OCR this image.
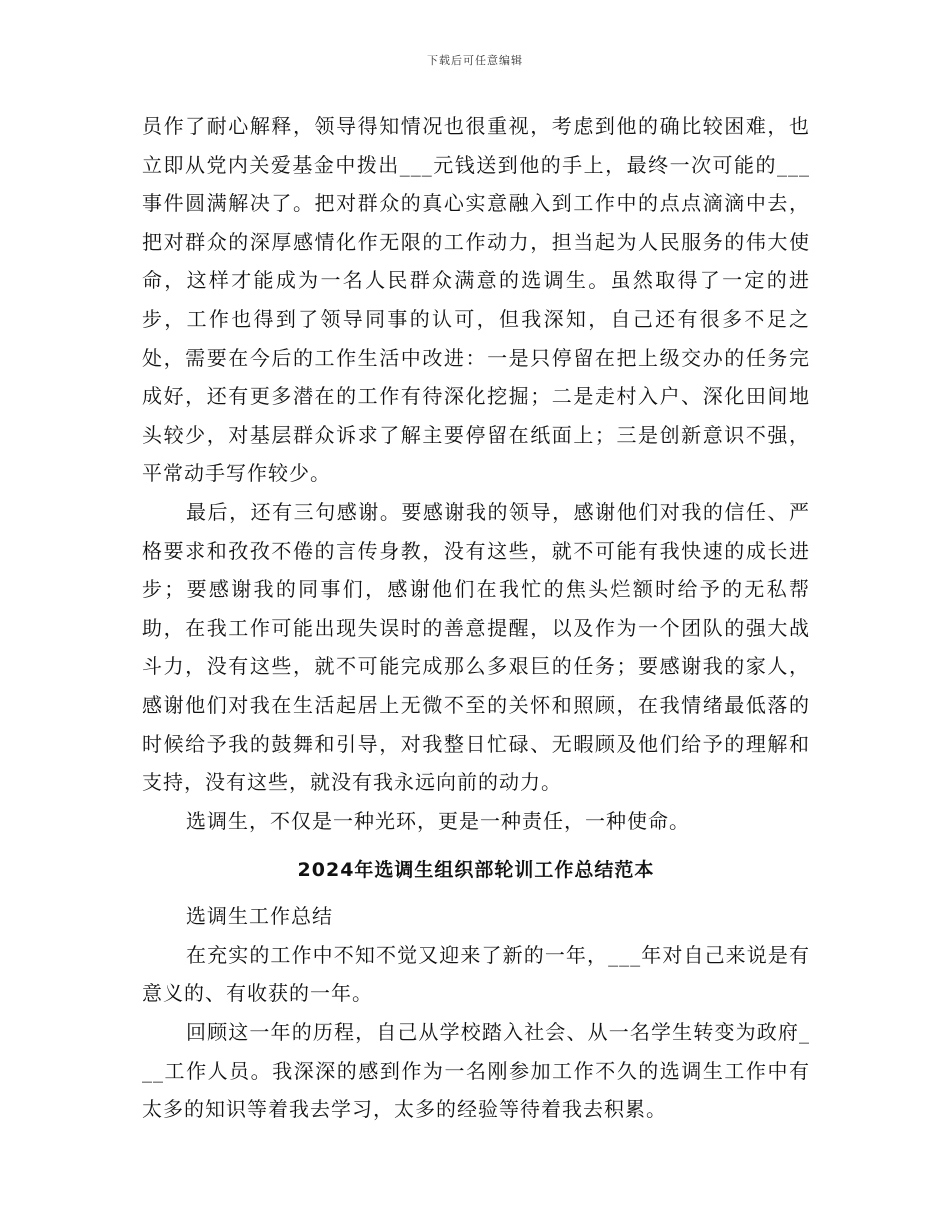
下载后可任意编辑

员作了耐心解释，领导得知情况也很重视，考虑到他的确比较困难，也立即从党内关爱基金中拨出___元钱送到他的手上，最终一次可能的___事件圆满解决了。把对群众的真心实意融入到工作中的点点滴滴中去，把对群众的深厚感情化作无限的工作动力，担当起为人民服务的伟大使命，这样才能成为一名人民群众满意的选调生。虽然取得了一定的进步，工作也得到了领导同事的认可，但我深知，自己还有很多不足之处，需要在今后的工作生活中改进：一是只停留在把上级交办的任务完成好，还有更多潜在的工作有待深化挖掘；二是走村入户、深化田间地头较少，对基层群众诉求了解主要停留在纸面上；三是创新意识不强，平常动手写作较少。

最后，还有三句感谢。要感谢我的领导，感谢他们对我的信任、严格要求和孜孜不倦的言传身教，没有这些，就不可能有我快速的成长进步；要感谢我的同事们，感谢他们在我忙的焦头烂额时给予的无私帮助，在我工作可能出现失误时的善意提醒，以及作为一个团队的强大战斗力，没有这些，就不可能完成那么多艰巨的任务；要感谢我的家人，感谢他们对我在生活起居上无微不至的关怀和照顾，在我情绪最低落的时候给予我的鼓舞和引导，对我整日忙碌、无暇顾及他们给予的理解和支持，没有这些，就没有我永远向前的动力。

选调生，不仅是一种光环，更是一种责任，一种使命。

2024年选调生组织部轮训工作总结范本

选调生工作总结

在充实的工作中不知不觉又迎来了新的一年，___年对自己来说是有意义的、有收获的一年。

回顾这一年的历程，自己从学校踏入社会、从一名学生转变为政府___工作人员。我深深的感到作为一名刚参加工作不久的选调生工作中有太多的知识等着我去学习，太多的经验等待着我去积累。
